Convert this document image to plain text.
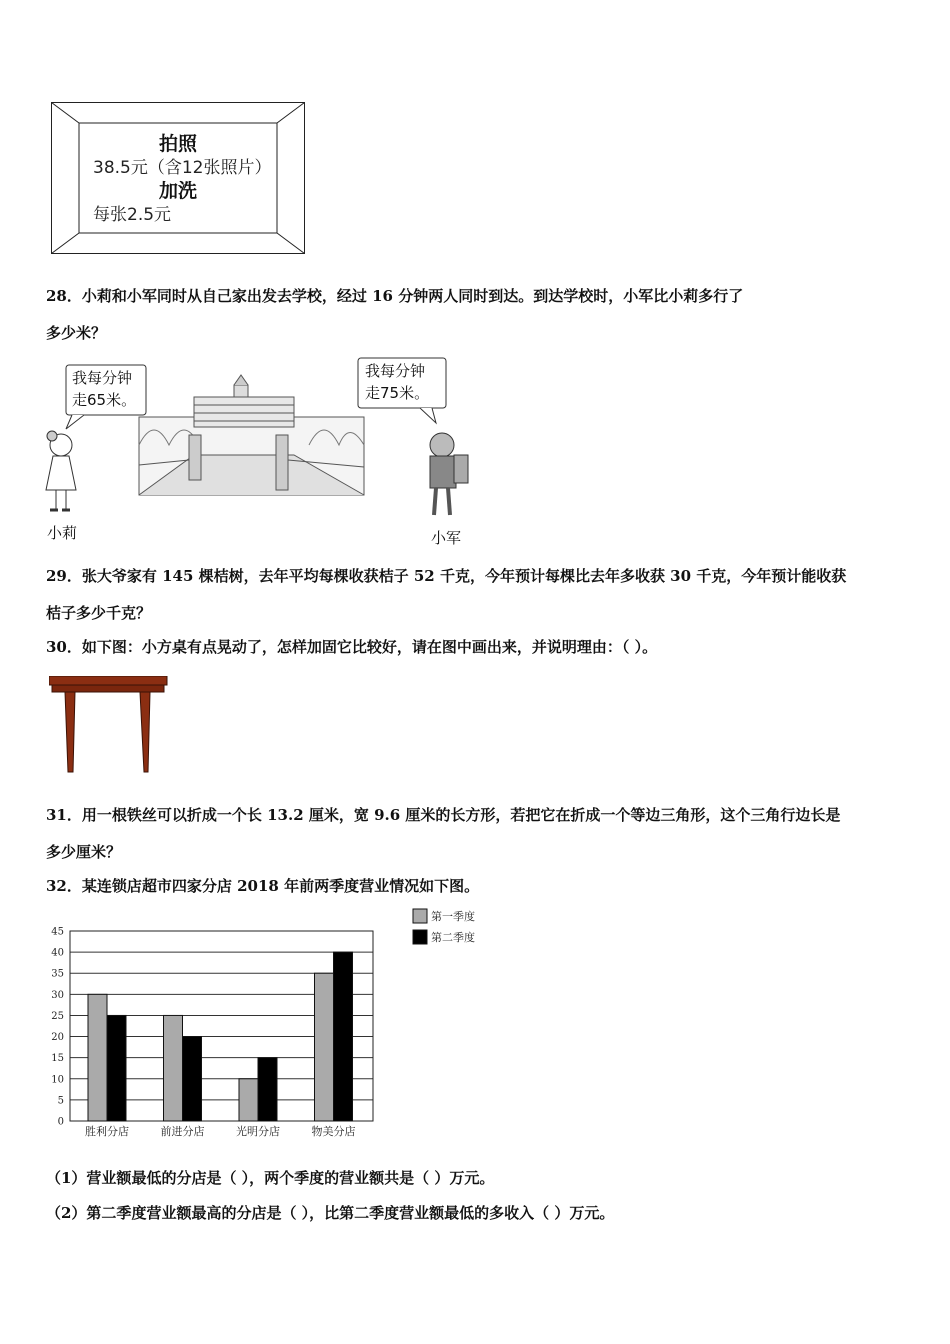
拍照
38.5元（含12张照片）
加洗
每张2.5元
28．小莉和小军同时从自己家出发去学校，经过 16 分钟两人同时到达。到达学校时，小军比小莉多行了
多少米？
我每分钟
走65米。
我每分钟
走75米。
小莉	小军
29．张大爷家有 145 棵桔树，去年平均每棵收获桔子 52 千克，今年预计每棵比去年多收获 30 千克，今年预计能收获
桔子多少千克？
30．如下图：小方桌有点晃动了，怎样加固它比较好，请在图中画出来，并说明理由：（ ）。
31．用一根铁丝可以折成一个长 13.2 厘米，宽 9.6 厘米的长方形，若把它在折成一个等边三角形，这个三角行边长是
多少厘米？
32．某连锁店超市四家分店 2018 年前两季度营业情况如下图。
0
5
10
15
20
25
30
35
40
45
胜利分店	前进分店	光明分店	物美分店
第一季度
第二季度
（1）营业额最低的分店是（ ），两个季度的营业额共是（ ）万元。
（2）第二季度营业额最高的分店是（ ），比第二季度营业额最低的多收入（ ）万元。
